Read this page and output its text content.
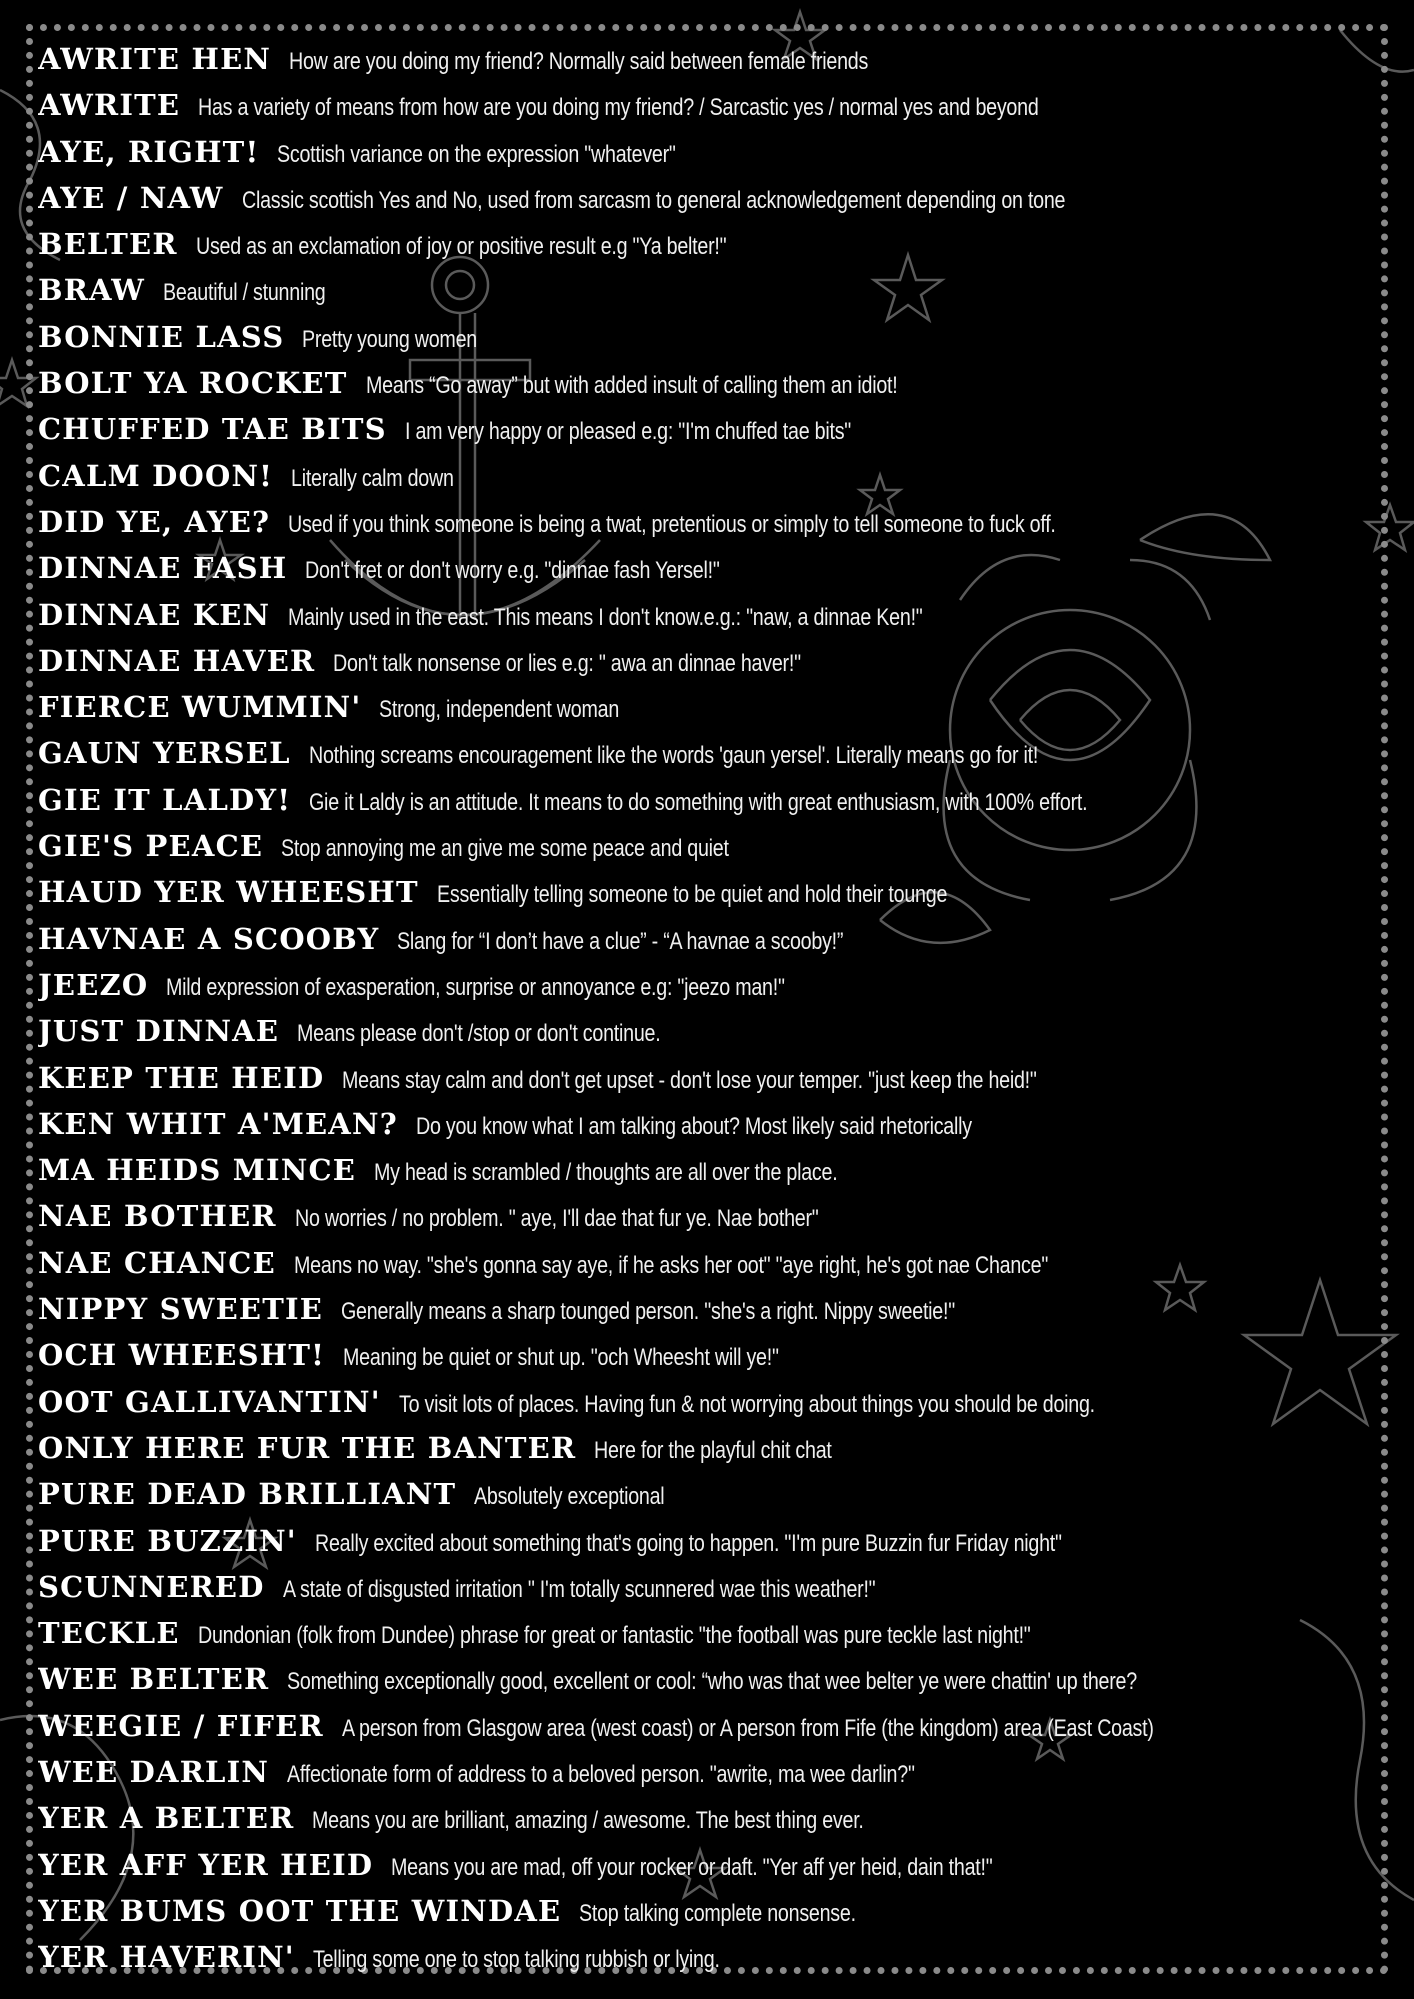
AWRITE HEN How are you doing my friend? Normally said between female friends
AWRITE Has a variety of means from how are you doing my friend? / Sarcastic yes / normal yes and beyond
AYE, RIGHT! Scottish variance on the expression "whatever"
AYE / NAW Classic scottish Yes and No, used from sarcasm to general acknowledgement depending on tone
BELTER Used as an exclamation of joy or positive result e.g "Ya belter!"
BRAW Beautiful / stunning
BONNIE LASS Pretty young women
BOLT YA ROCKET Means “Go away” but with added insult of calling them an idiot!
CHUFFED TAE BITS I am very happy or pleased e.g: "I'm chuffed tae bits"
CALM DOON! Literally calm down
DID YE, AYE? Used if you think someone is being a twat, pretentious or simply to tell someone to fuck off.
DINNAE FASH Don't fret or don't worry e.g. "dinnae fash Yersel!"
DINNAE KEN Mainly used in the east. This means I don't know.e.g.: "naw, a dinnae Ken!"
DINNAE HAVER Don't talk nonsense or lies e.g: " awa an dinnae haver!"
FIERCE WUMMIN' Strong, independent woman
GAUN YERSEL Nothing screams encouragement like the words 'gaun yersel'. Literally means go for it!
GIE IT LALDY! Gie it Laldy is an attitude. It means to do something with great enthusiasm, with 100% effort.
GIE'S PEACE Stop annoying me an give me some peace and quiet
HAUD YER WHEESHT Essentially telling someone to be quiet and hold their tounge
HAVNAE A SCOOBY Slang for “I don’t have a clue” - “A havnae a scooby!”
JEEZO Mild expression of exasperation, surprise or annoyance e.g: "jeezo man!"
JUST DINNAE Means please don't /stop or don't continue.
KEEP THE HEID Means stay calm and don't get upset - don't lose your temper. "just keep the heid!"
KEN WHIT A'MEAN? Do you know what I am talking about? Most likely said rhetorically
MA HEIDS MINCE My head is scrambled / thoughts are all over the place.
NAE BOTHER No worries / no problem. " aye, I'll dae that fur ye. Nae bother"
NAE CHANCE Means no way. "she's gonna say aye, if he asks her oot" "aye right, he's got nae Chance"
NIPPY SWEETIE Generally means a sharp tounged person. "she's a right. Nippy sweetie!"
OCH WHEESHT! Meaning be quiet or shut up. "och Wheesht will ye!"
OOT GALLIVANTIN' To visit lots of places. Having fun & not worrying about things you should be doing.
ONLY HERE FUR THE BANTER Here for the playful chit chat
PURE DEAD BRILLIANT Absolutely exceptional
PURE BUZZIN' Really excited about something that's going to happen. "I'm pure Buzzin fur Friday night"
SCUNNERED A state of disgusted irritation " I'm totally scunnered wae this weather!"
TECKLE Dundonian (folk from Dundee) phrase for great or fantastic "the football was pure teckle last night!"
WEE BELTER Something exceptionally good, excellent or cool: “who was that wee belter ye were chattin' up there?
WEEGIE / FIFER A person from Glasgow area (west coast) or A person from Fife (the kingdom) area (East Coast)
WEE DARLIN Affectionate form of address to a beloved person. "awrite, ma wee darlin?"
YER A BELTER Means you are brilliant, amazing / awesome. The best thing ever.
YER AFF YER HEID Means you are mad, off your rocker or daft. "Yer aff yer heid, dain that!"
YER BUMS OOT THE WINDAE Stop talking complete nonsense.
YER HAVERIN' Telling some one to stop talking rubbish or lying.
